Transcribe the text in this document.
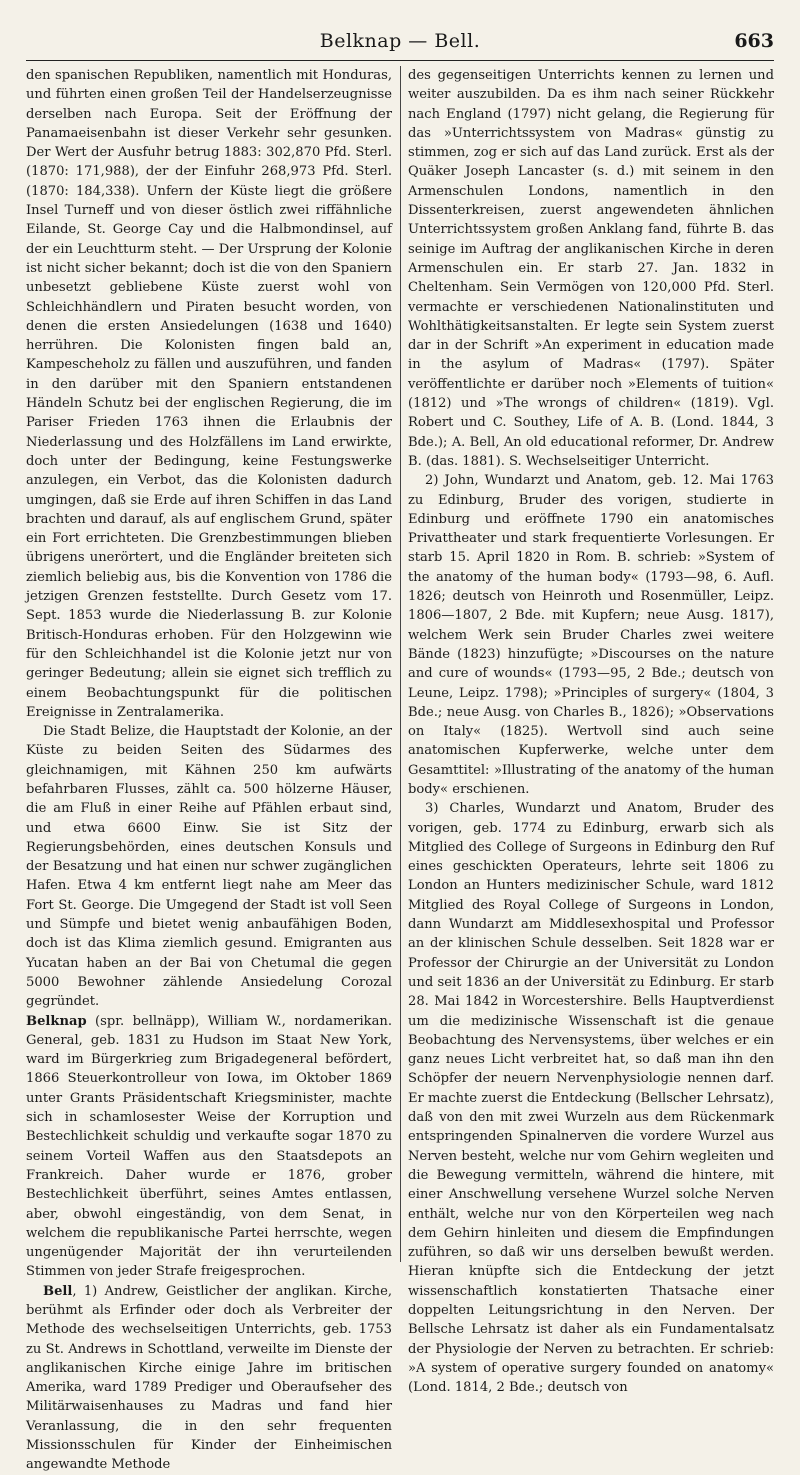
Belknap — Bell.	663

den spanischen Republiken, namentlich mit Honduras, und führten einen großen Teil der Handelserzeugnisse derselben nach Europa. Seit der Eröffnung der Panamaeisenbahn ist dieser Verkehr sehr gesunken. Der Wert der Ausfuhr betrug 1883: 302,870 Pfd. Sterl. (1870: 171,988), der der Einfuhr 268,973 Pfd. Sterl. (1870: 184,338). Unfern der Küste liegt die größere Insel Turneff und von dieser östlich zwei riffähnliche Eilande, St. George Cay und die Halbmondinsel, auf der ein Leuchtturm steht. — Der Ursprung der Kolonie ist nicht sicher bekannt; doch ist die von den Spaniern unbesetzt gebliebene Küste zuerst wohl von Schleichhändlern und Piraten besucht worden, von denen die ersten Ansiedelungen (1638 und 1640) herrühren. Die Kolonisten fingen bald an, Kampescheholz zu fällen und auszuführen, und fanden in den darüber mit den Spaniern entstandenen Händeln Schutz bei der englischen Regierung, die im Pariser Frieden 1763 ihnen die Erlaubnis der Niederlassung und des Holzfällens im Land erwirkte, doch unter der Bedingung, keine Festungswerke anzulegen, ein Verbot, das die Kolonisten dadurch umgingen, daß sie Erde auf ihren Schiffen in das Land brachten und darauf, als auf englischem Grund, später ein Fort errichteten. Die Grenzbestimmungen blieben übrigens unerörtert, und die Engländer breiteten sich ziemlich beliebig aus, bis die Konvention von 1786 die jetzigen Grenzen feststellte. Durch Gesetz vom 17. Sept. 1853 wurde die Niederlassung B. zur Kolonie Britisch-Honduras erhoben. Für den Holzgewinn wie für den Schleichhandel ist die Kolonie jetzt nur von geringer Bedeutung; allein sie eignet sich trefflich zu einem Beobachtungspunkt für die politischen Ereignisse in Zentralamerika.

Die Stadt Belize, die Hauptstadt der Kolonie, an der Küste zu beiden Seiten des Südarmes des gleichnamigen, mit Kähnen 250 km aufwärts befahrbaren Flusses, zählt ca. 500 hölzerne Häuser, die am Fluß in einer Reihe auf Pfählen erbaut sind, und etwa 6600 Einw. Sie ist Sitz der Regierungsbehörden, eines deutschen Konsuls und der Besatzung und hat einen nur schwer zugänglichen Hafen. Etwa 4 km entfernt liegt nahe am Meer das Fort St. George. Die Umgegend der Stadt ist voll Seen und Sümpfe und bietet wenig anbaufähigen Boden, doch ist das Klima ziemlich gesund. Emigranten aus Yucatan haben an der Bai von Chetumal die gegen 5000 Bewohner zählende Ansiedelung Corozal gegründet.

Belknap (spr. bellnäpp), William W., nordamerikan. General, geb. 1831 zu Hudson im Staat New York, ward im Bürgerkrieg zum Brigadegeneral befördert, 1866 Steuerkontrolleur von Iowa, im Oktober 1869 unter Grants Präsidentschaft Kriegsminister, machte sich in schamlosester Weise der Korruption und Bestechlichkeit schuldig und verkaufte sogar 1870 zu seinem Vorteil Waffen aus den Staatsdepots an Frankreich. Daher wurde er 1876, grober Bestechlichkeit überführt, seines Amtes entlassen, aber, obwohl eingeständig, von dem Senat, in welchem die republikanische Partei herrschte, wegen ungenügender Majorität der ihn verurteilenden Stimmen von jeder Strafe freigesprochen.

Bell, 1) Andrew, Geistlicher der anglikan. Kirche, berühmt als Erfinder oder doch als Verbreiter der Methode des wechselseitigen Unterrichts, geb. 1753 zu St. Andrews in Schottland, verweilte im Dienste der anglikanischen Kirche einige Jahre im britischen Amerika, ward 1789 Prediger und Oberaufseher des Militärwaisenhauses zu Madras und fand hier Veranlassung, die in den sehr frequenten Missionsschulen für Kinder der Einheimischen angewandte Methode

des gegenseitigen Unterrichts kennen zu lernen und weiter auszubilden. Da es ihm nach seiner Rückkehr nach England (1797) nicht gelang, die Regierung für das »Unterrichtssystem von Madras« günstig zu stimmen, zog er sich auf das Land zurück. Erst als der Quäker Joseph Lancaster (s. d.) mit seinem in den Armenschulen Londons, namentlich in den Dissenterkreisen, zuerst angewendeten ähnlichen Unterrichtssystem großen Anklang fand, führte B. das seinige im Auftrag der anglikanischen Kirche in deren Armenschulen ein. Er starb 27. Jan. 1832 in Cheltenham. Sein Vermögen von 120,000 Pfd. Sterl. vermachte er verschiedenen Nationalinstituten und Wohlthätigkeitsanstalten. Er legte sein System zuerst dar in der Schrift »An experiment in education made in the asylum of Madras« (1797). Später veröffentlichte er darüber noch »Elements of tuition« (1812) und »The wrongs of children« (1819). Vgl. Robert und C. Southey, Life of A. B. (Lond. 1844, 3 Bde.); A. Bell, An old educational reformer, Dr. Andrew B. (das. 1881). S. Wechselseitiger Unterricht.

2) John, Wundarzt und Anatom, geb. 12. Mai 1763 zu Edinburg, Bruder des vorigen, studierte in Edinburg und eröffnete 1790 ein anatomisches Privattheater und stark frequentierte Vorlesungen. Er starb 15. April 1820 in Rom. B. schrieb: »System of the anatomy of the human body« (1793—98, 6. Aufl. 1826; deutsch von Heinroth und Rosenmüller, Leipz. 1806—1807, 2 Bde. mit Kupfern; neue Ausg. 1817), welchem Werk sein Bruder Charles zwei weitere Bände (1823) hinzufügte; »Discourses on the nature and cure of wounds« (1793—95, 2 Bde.; deutsch von Leune, Leipz. 1798); »Principles of surgery« (1804, 3 Bde.; neue Ausg. von Charles B., 1826); »Observations on Italy« (1825). Wertvoll sind auch seine anatomischen Kupferwerke, welche unter dem Gesamttitel: »Illustrating of the anatomy of the human body« erschienen.

3) Charles, Wundarzt und Anatom, Bruder des vorigen, geb. 1774 zu Edinburg, erwarb sich als Mitglied des College of Surgeons in Edinburg den Ruf eines geschickten Operateurs, lehrte seit 1806 zu London an Hunters medizinischer Schule, ward 1812 Mitglied des Royal College of Surgeons in London, dann Wundarzt am Middlesexhospital und Professor an der klinischen Schule desselben. Seit 1828 war er Professor der Chirurgie an der Universität zu London und seit 1836 an der Universität zu Edinburg. Er starb 28. Mai 1842 in Worcestershire. Bells Hauptverdienst um die medizinische Wissenschaft ist die genaue Beobachtung des Nervensystems, über welches er ein ganz neues Licht verbreitet hat, so daß man ihn den Schöpfer der neuern Nervenphysiologie nennen darf. Er machte zuerst die Entdeckung (Bellscher Lehrsatz), daß von den mit zwei Wurzeln aus dem Rückenmark entspringenden Spinalnerven die vordere Wurzel aus Nerven besteht, welche nur vom Gehirn wegleiten und die Bewegung vermitteln, während die hintere, mit einer Anschwellung versehene Wurzel solche Nerven enthält, welche nur von den Körperteilen weg nach dem Gehirn hinleiten und diesem die Empfindungen zuführen, so daß wir uns derselben bewußt werden. Hieran knüpfte sich die Entdeckung der jetzt wissenschaftlich konstatierten Thatsache einer doppelten Leitungsrichtung in den Nerven. Der Bellsche Lehrsatz ist daher als ein Fundamentalsatz der Physiologie der Nerven zu betrachten. Er schrieb: »A system of operative surgery founded on anatomy« (Lond. 1814, 2 Bde.; deutsch von
